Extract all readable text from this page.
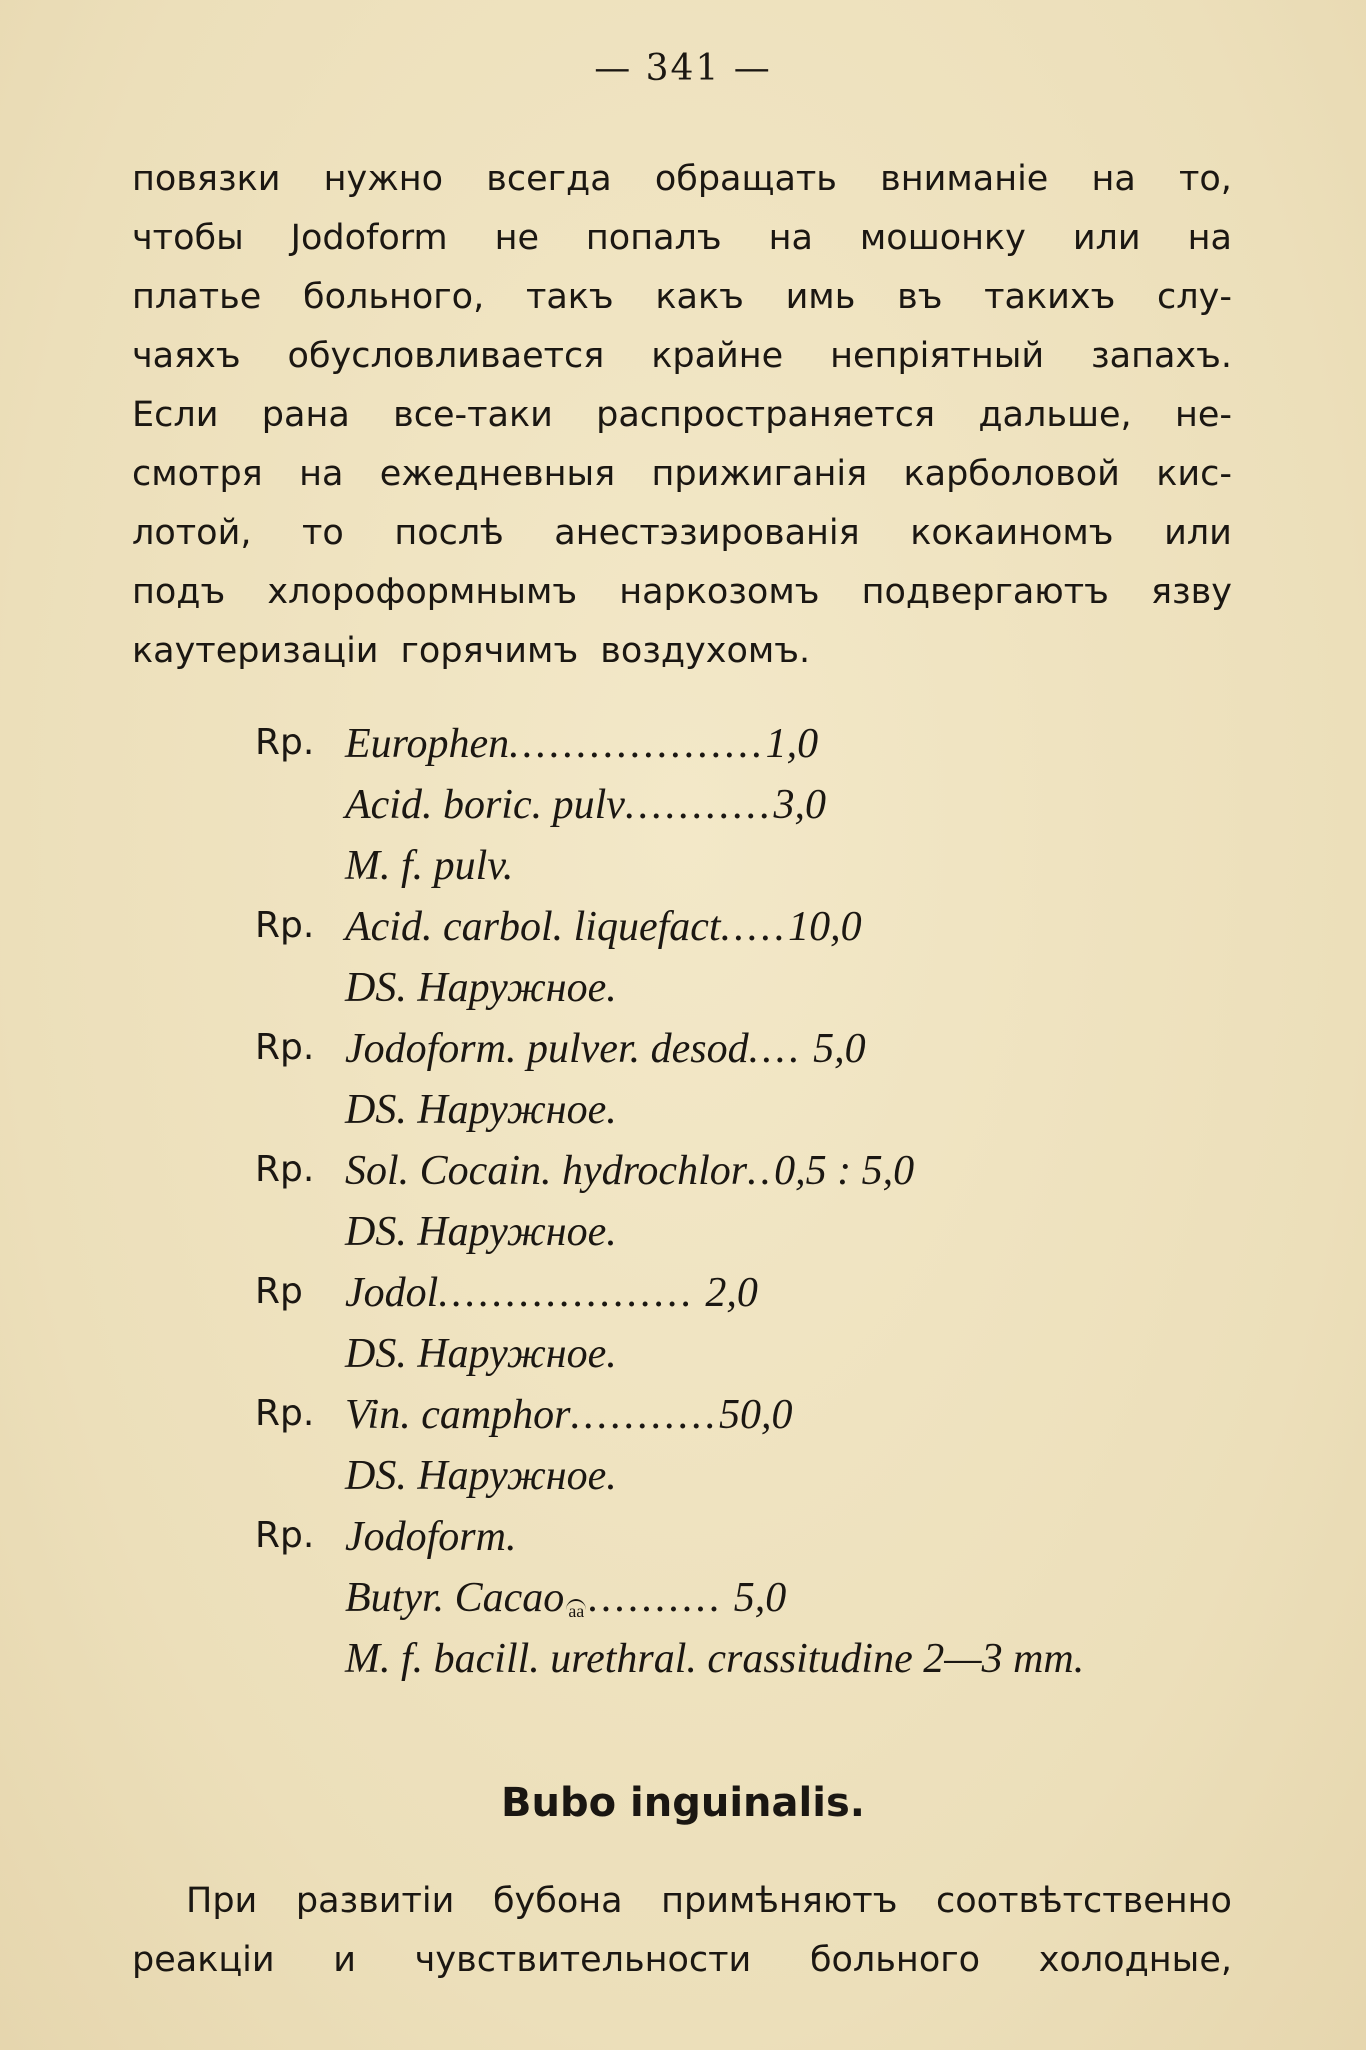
— 341 —
повязки нужно всегда обращать вниманіе на то,
чтобы Jodoform не попалъ на мошонку или на
платье больного, такъ какъ имь въ такихъ слу-
чаяхъ обусловливается крайне непріятный запахъ.
Если рана все-таки распространяется дальше, не-
смотря на ежедневныя прижиганія карболовой кис-
лотой, то послѣ анестэзированія кокаиномъ или
подъ хлороформнымъ наркозомъ подвергаютъ язву
каутеризаціи горячимъ воздухомъ.
Rp. Europhen...................1,0
Acid. boric. pulv...........3,0
M. f. pulv.
Rp. Acid. carbol. liquefact.....10,0
DS. Наружное.
Rp. Jodoform. pulver. desod.... 5,0
DS. Наружное.
Rp. Sol. Cocain. hydrochlor..0,5 : 5,0
DS. Наружное.
Rp Jodol................... 2,0
DS. Наружное.
Rp. Vin. camphor...........50,0
DS. Наружное.
Rp. Jodoform.
Butyr. Cacao aa.......... 5,0
M. f. bacill. urethral. crassitudine 2—3 mm.
Bubo inguinalis.
При развитіи бубона примѣняютъ соотвѣтственно
реакціи и чувствительности больного холодные,
